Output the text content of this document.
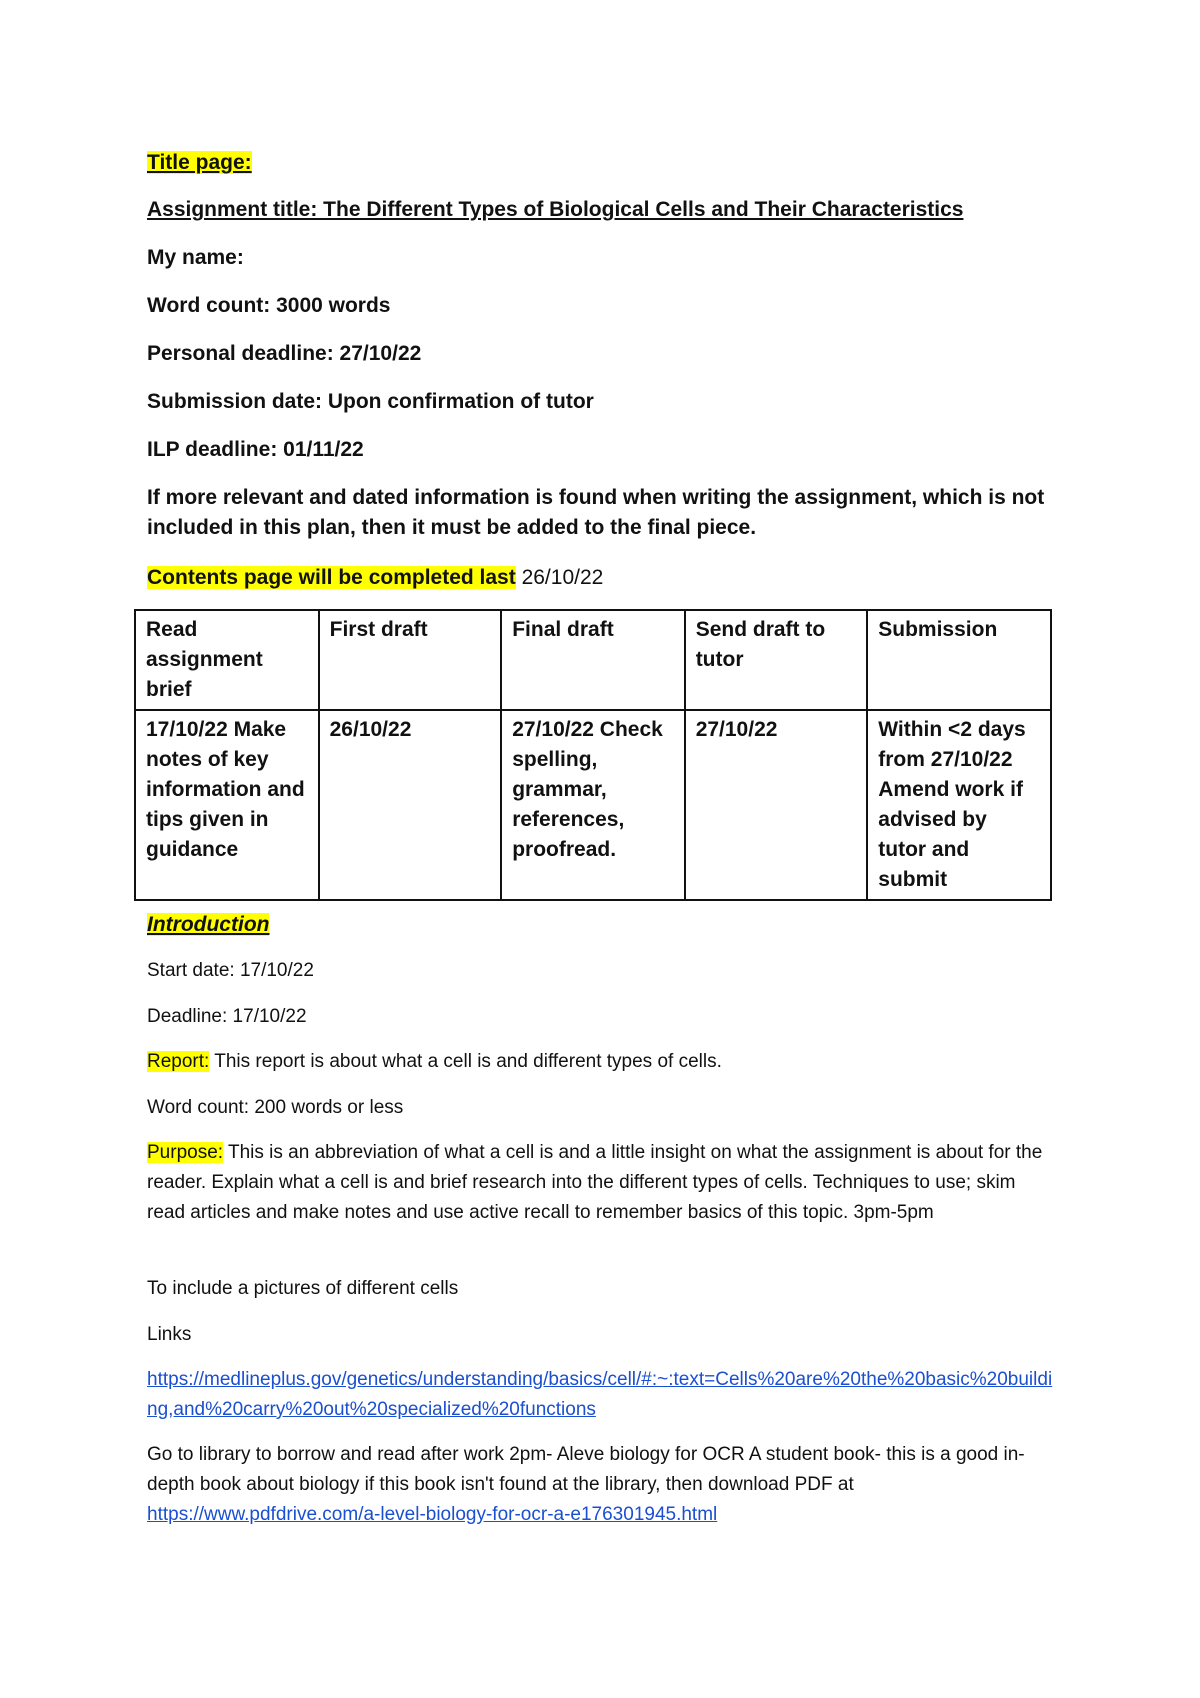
Title page:
Assignment title: The Different Types of Biological Cells and Their Characteristics
My name:
Word count: 3000 words
Personal deadline: 27/10/22
Submission date: Upon confirmation of tutor
ILP deadline: 01/11/22
If more relevant and dated information is found when writing the assignment, which is not included in this plan, then it must be added to the final piece.
Contents page will be completed last 26/10/22
Read assignment brief	First draft	Final draft	Send draft to tutor	Submission
17/10/22 Make notes of key information and tips given in guidance	26/10/22	27/10/22 Check spelling, grammar, references, proofread.	27/10/22	Within <2 days from 27/10/22 Amend work if advised by tutor and submit
Introduction
Start date: 17/10/22
Deadline: 17/10/22
Report: This report is about what a cell is and different types of cells.
Word count: 200 words or less
Purpose: This is an abbreviation of what a cell is and a little insight on what the assignment is about for the reader. Explain what a cell is and brief research into the different types of cells. Techniques to use; skim read articles and make notes and use active recall to remember basics of this topic. 3pm-5pm
To include a pictures of different cells
Links
https://medlineplus.gov/genetics/understanding/basics/cell/#:~:text=Cells%20are%20the%20basic%20building,and%20carry%20out%20specialized%20functions
Go to library to borrow and read after work 2pm- Aleve biology for OCR A student book- this is a good in-depth book about biology if this book isn't found at the library, then download PDF at https://www.pdfdrive.com/a-level-biology-for-ocr-a-e176301945.html
